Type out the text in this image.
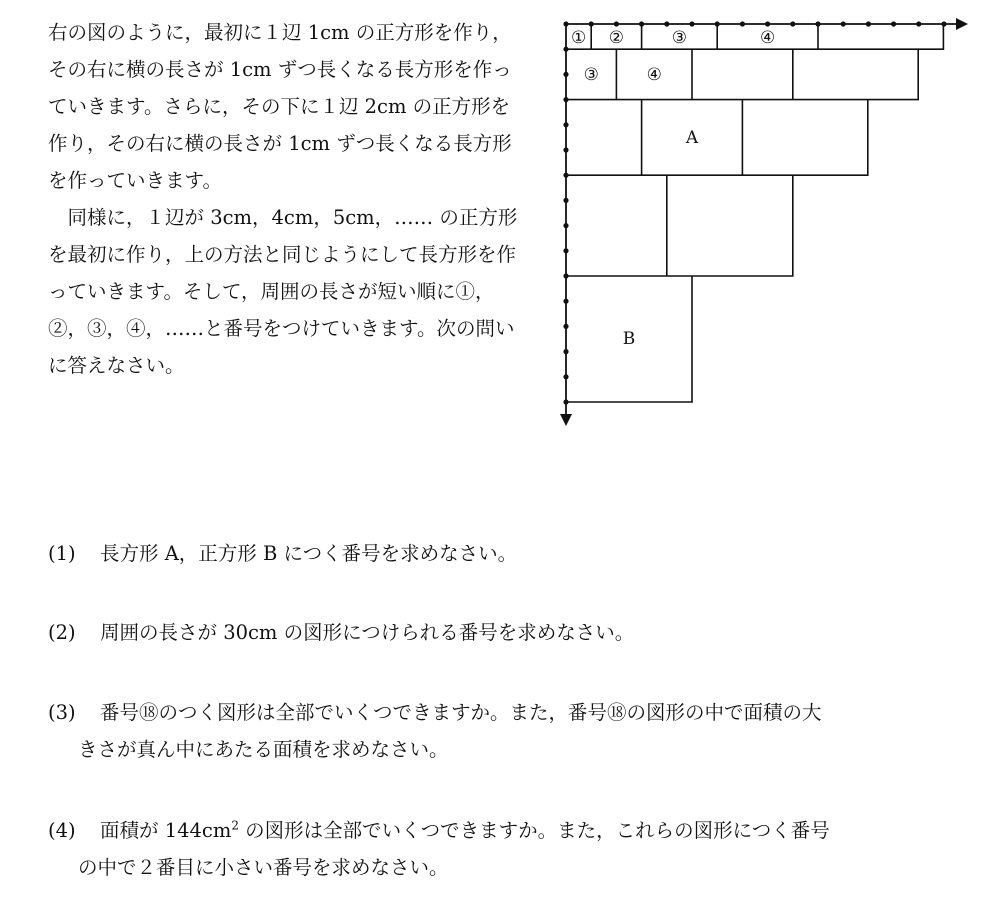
右の図のように，最初に１辺 1cm の正方形を作り，その右に横の長さが 1cm ずつ長くなる長方形を作っていきます。さらに，その下に１辺 2cm の正方形を作り，その右に横の長さが 1cm ずつ長くなる長方形を作っていきます。

同様に，１辺が 3cm，4cm，5cm，…… の正方形を最初に作り，上の方法と同じようにして長方形を作っていきます。そして，周囲の長さが短い順に①，②，③，④，……と番号をつけていきます。次の問いに答えなさい。

① ②	③	④
③	④
A
B
(1) 長方形 A，正方形 B につく番号を求めなさい。
(2) 周囲の長さが 30cm の図形につけられる番号を求めなさい。
(3) 番号⑱のつく図形は全部でいくつできますか。また，番号⑱の図形の中で面積の大
きさが真ん中にあたる面積を求めなさい。
(4) 面積が $144cm^2$ の図形は全部でいくつできますか。また，これらの図形につく番号
の中で２番目に小さい番号を求めなさい。
